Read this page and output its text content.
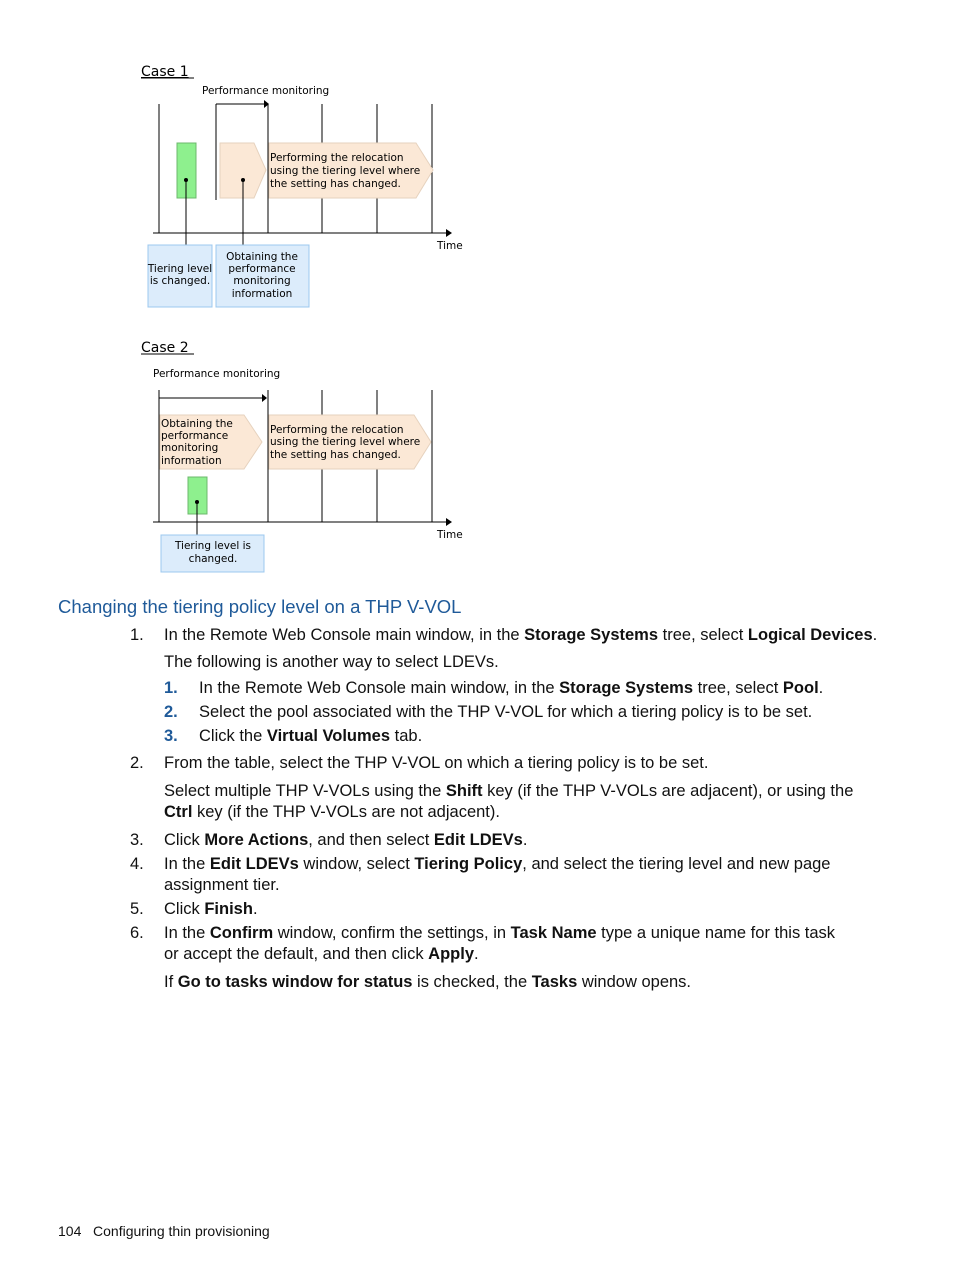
Case 1
Performance monitoring
Time
Performing the relocation
using the tiering level where
the setting has changed.
Tiering level
is changed.
Obtaining the
performance
monitoring
information
Case 2
Performance monitoring
Time
Obtaining the
performance
monitoring
information
Performing the relocation
using the tiering level where
the setting has changed.
Tiering level is
changed.
Changing the tiering policy level on a THP V-VOL
1. In the Remote Web Console main window, in the Storage Systems tree, select Logical Devices.
The following is another way to select LDEVs.
1. In the Remote Web Console main window, in the Storage Systems tree, select Pool.
2. Select the pool associated with the THP V-VOL for which a tiering policy is to be set.
3. Click the Virtual Volumes tab.
2. From the table, select the THP V-VOL on which a tiering policy is to be set.
Select multiple THP V-VOLs using the Shift key (if the THP V-VOLs are adjacent), or using the
Ctrl key (if the THP V-VOLs are not adjacent).
3. Click More Actions, and then select Edit LDEVs.
4. In the Edit LDEVs window, select Tiering Policy, and select the tiering level and new page
assignment tier.
5. Click Finish.
6. In the Confirm window, confirm the settings, in Task Name type a unique name for this task
or accept the default, and then click Apply.
If Go to tasks window for status is checked, the Tasks window opens.
104 Configuring thin provisioning
